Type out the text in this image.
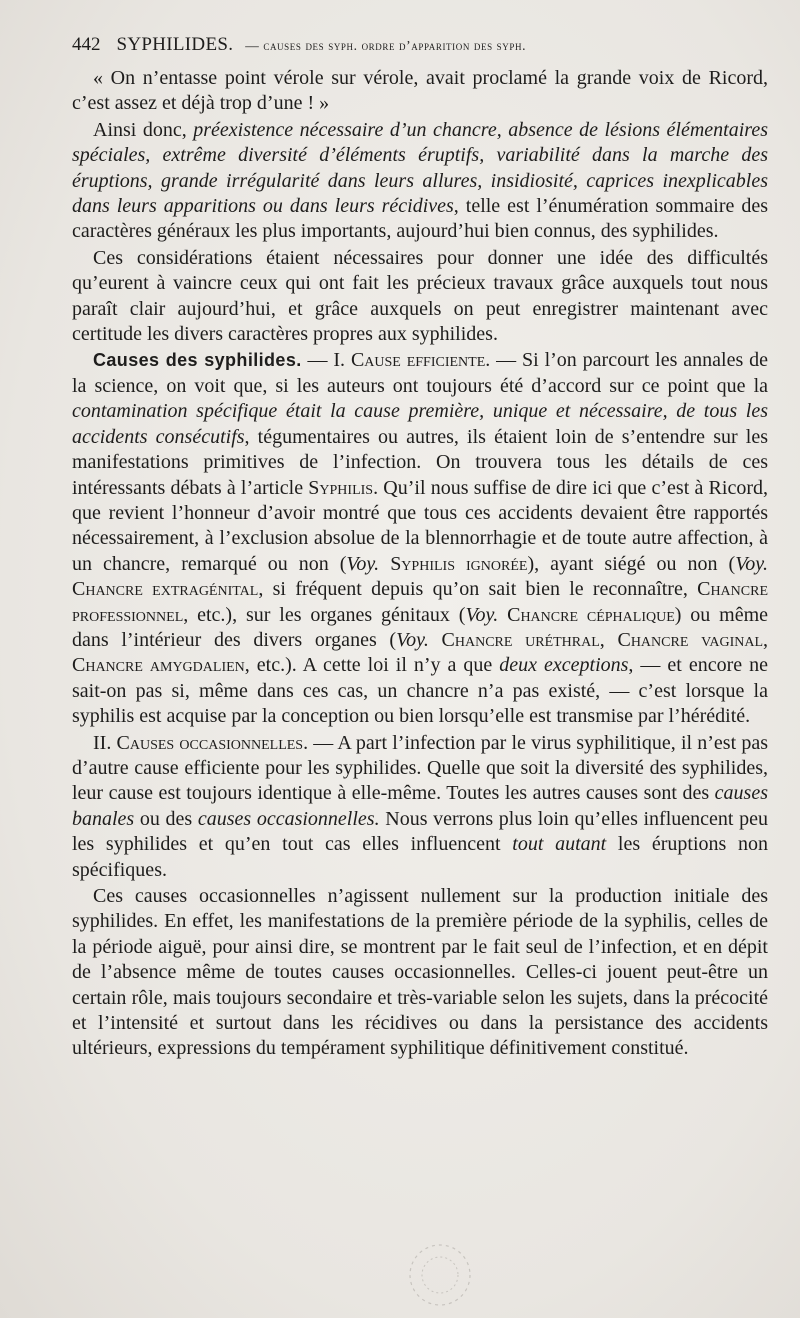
442 SYPHILIDES. — causes des syph. ordre d’apparition des syph.

« On n’entasse point vérole sur vérole, avait proclamé la grande voix de Ricord, c’est assez et déjà trop d’une ! »

Ainsi donc, préexistence nécessaire d’un chancre, absence de lésions élémentaires spéciales, extrême diversité d’éléments éruptifs, variabilité dans la marche des éruptions, grande irrégularité dans leurs allures, insidiosité, caprices inexplicables dans leurs apparitions ou dans leurs récidives, telle est l’énumération sommaire des caractères généraux les plus importants, aujourd’hui bien connus, des syphilides.

Ces considérations étaient nécessaires pour donner une idée des difficultés qu’eurent à vaincre ceux qui ont fait les précieux travaux grâce auxquels tout nous paraît clair aujourd’hui, et grâce auxquels on peut enregistrer maintenant avec certitude les divers caractères propres aux syphilides.

Causes des syphilides. — I. Cause efficiente. — Si l’on parcourt les annales de la science, on voit que, si les auteurs ont toujours été d’accord sur ce point que la contamination spécifique était la cause première, unique et nécessaire, de tous les accidents consécutifs, tégumentaires ou autres, ils étaient loin de s’entendre sur les manifestations primitives de l’infection. On trouvera tous les détails de ces intéressants débats à l’article Syphilis. Qu’il nous suffise de dire ici que c’est à Ricord, que revient l’honneur d’avoir montré que tous ces accidents devaient être rapportés nécessairement, à l’exclusion absolue de la blennorrhagie et de toute autre affection, à un chancre, remarqué ou non (Voy. Syphilis ignorée), ayant siégé ou non (Voy. Chancre extragénital, si fréquent depuis qu’on sait bien le reconnaître, Chancre professionnel, etc.), sur les organes génitaux (Voy. Chancre céphalique) ou même dans l’intérieur des divers organes (Voy. Chancre uréthral, Chancre vaginal, Chancre amygdalien, etc.). A cette loi il n’y a que deux exceptions, — et encore ne sait-on pas si, même dans ces cas, un chancre n’a pas existé, — c’est lorsque la syphilis est acquise par la conception ou bien lorsqu’elle est transmise par l’hérédité.

II. Causes occasionnelles. — A part l’infection par le virus syphilitique, il n’est pas d’autre cause efficiente pour les syphilides. Quelle que soit la diversité des syphilides, leur cause est toujours identique à elle-même. Toutes les autres causes sont des causes banales ou des causes occasionnelles. Nous verrons plus loin qu’elles influencent peu les syphilides et qu’en tout cas elles influencent tout autant les éruptions non spécifiques.

Ces causes occasionnelles n’agissent nullement sur la production initiale des syphilides. En effet, les manifestations de la première période de la syphilis, celles de la période aiguë, pour ainsi dire, se montrent par le fait seul de l’infection, et en dépit de l’absence même de toutes causes occasionnelles. Celles-ci jouent peut-être un certain rôle, mais toujours secondaire et très-variable selon les sujets, dans la précocité et l’intensité et surtout dans les récidives ou dans la persistance des accidents ultérieurs, expressions du tempérament syphilitique définitivement constitué.
